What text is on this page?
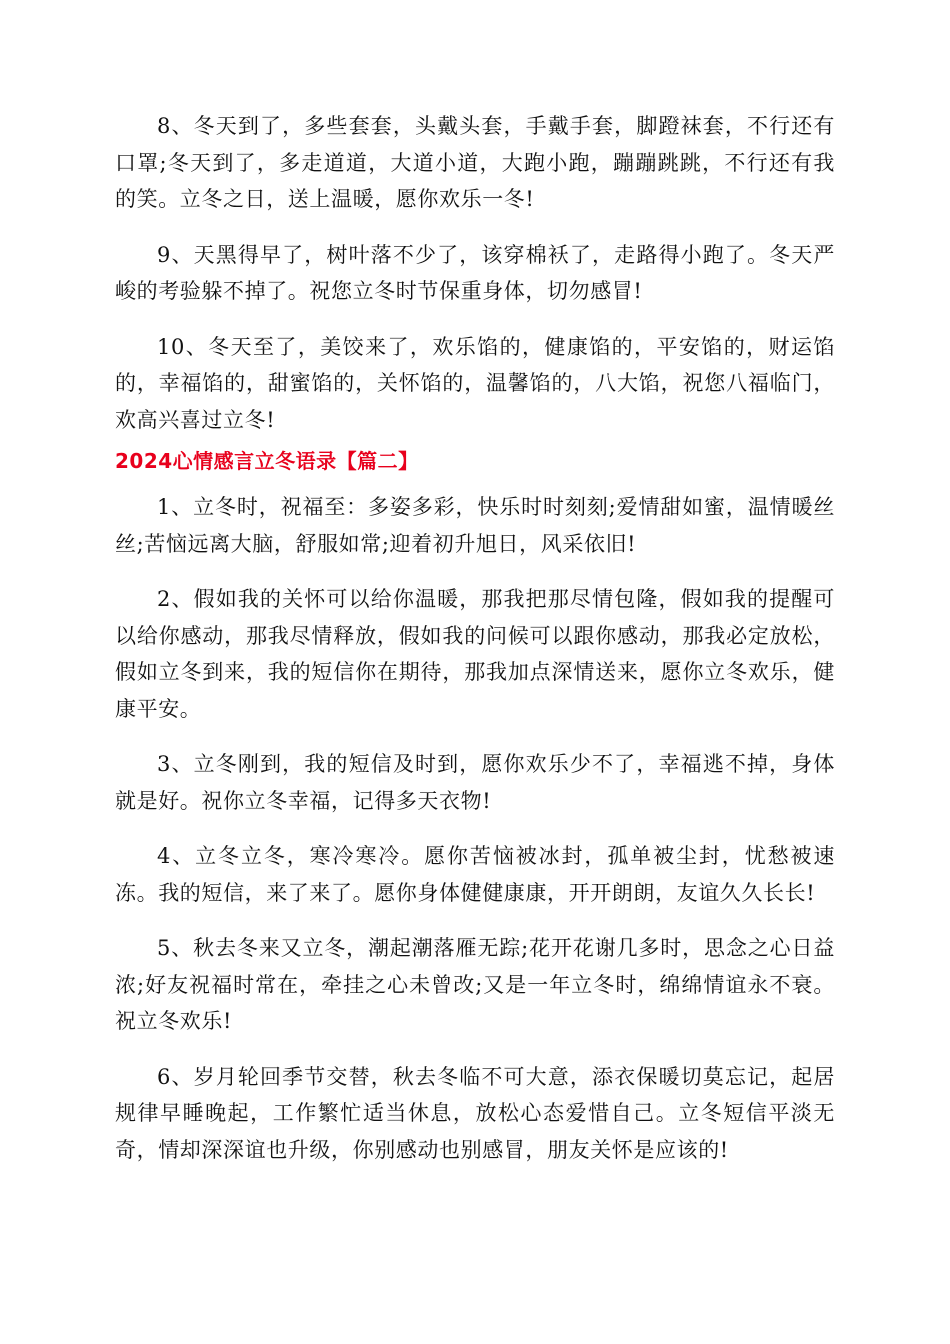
8、冬天到了，多些套套，头戴头套，手戴手套，脚蹬袜套，不行还有口罩;冬天到了，多走道道，大道小道，大跑小跑，蹦蹦跳跳，不行还有我的笑。立冬之日，送上温暖，愿你欢乐一冬!

9、天黑得早了，树叶落不少了，该穿棉袄了，走路得小跑了。冬天严峻的考验躲不掉了。祝您立冬时节保重身体，切勿感冒!

10、冬天至了，美饺来了，欢乐馅的，健康馅的，平安馅的，财运馅的，幸福馅的，甜蜜馅的，关怀馅的，温馨馅的，八大馅，祝您八福临门，欢高兴喜过立冬!

2024心情感言立冬语录【篇二】

1、立冬时，祝福至：多姿多彩，快乐时时刻刻;爱情甜如蜜，温情暖丝丝;苦恼远离大脑，舒服如常;迎着初升旭日，风采依旧!

2、假如我的关怀可以给你温暖，那我把那尽情包隆，假如我的提醒可以给你感动，那我尽情释放，假如我的问候可以跟你感动，那我必定放松，假如立冬到来，我的短信你在期待，那我加点深情送来，愿你立冬欢乐，健康平安。

3、立冬刚到，我的短信及时到，愿你欢乐少不了，幸福逃不掉，身体就是好。祝你立冬幸福，记得多天衣物!

4、立冬立冬，寒冷寒冷。愿你苦恼被冰封，孤单被尘封，忧愁被速冻。我的短信，来了来了。愿你身体健健康康，开开朗朗，友谊久久长长!

5、秋去冬来又立冬，潮起潮落雁无踪;花开花谢几多时，思念之心日益浓;好友祝福时常在，牵挂之心未曾改;又是一年立冬时，绵绵情谊永不衰。祝立冬欢乐!

6、岁月轮回季节交替，秋去冬临不可大意，添衣保暖切莫忘记，起居规律早睡晚起，工作繁忙适当休息，放松心态爱惜自己。立冬短信平淡无奇，情却深深谊也升级，你别感动也别感冒，朋友关怀是应该的!
